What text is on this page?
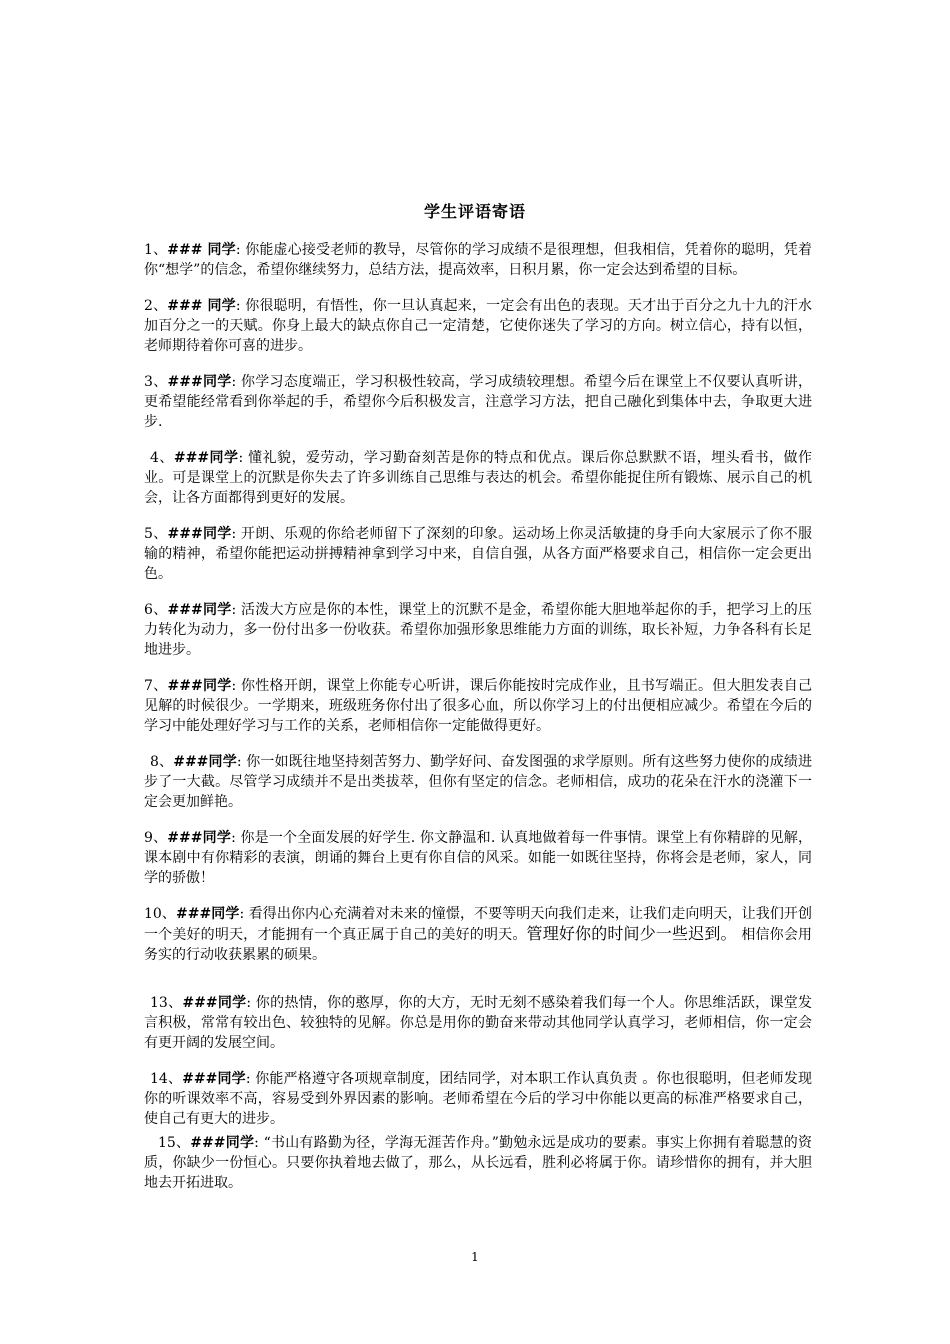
学生评语寄语

1、### 同学: 你能虚心接受老师的教导，尽管你的学习成绩不是很理想，但我相信，凭着你的聪明，凭着你“想学”的信念，希望你继续努力，总结方法，提高效率，日积月累，你一定会达到希望的目标。

2、### 同学: 你很聪明，有悟性，你一旦认真起来，一定会有出色的表现。天才出于百分之九十九的汗水加百分之一的天赋。你身上最大的缺点你自己一定清楚，它使你迷失了学习的方向。树立信心，持有以恒，老师期待着你可喜的进步。

3、###同学: 你学习态度端正，学习积极性较高，学习成绩较理想。希望今后在课堂上不仅要认真听讲，更希望能经常看到你举起的手，希望你今后积极发言，注意学习方法，把自己融化到集体中去，争取更大进步.

4、###同学: 懂礼貌，爱劳动，学习勤奋刻苦是你的特点和优点。课后你总默默不语，埋头看书，做作业。可是课堂上的沉默是你失去了许多训练自己思维与表达的机会。希望你能捉住所有锻炼、展示自己的机会，让各方面都得到更好的发展。

5、###同学: 开朗、乐观的你给老师留下了深刻的印象。运动场上你灵活敏捷的身手向大家展示了你不服输的精神，希望你能把运动拼搏精神拿到学习中来，自信自强，从各方面严格要求自己，相信你一定会更出色。

6、###同学: 活泼大方应是你的本性，课堂上的沉默不是金，希望你能大胆地举起你的手，把学习上的压力转化为动力，多一份付出多一份收获。希望你加强形象思维能力方面的训练，取长补短，力争各科有长足地进步。

7、###同学: 你性格开朗，课堂上你能专心听讲，课后你能按时完成作业，且书写端正。但大胆发表自己见解的时候很少。一学期来，班级班务你付出了很多心血，所以你学习上的付出便相应减少。希望在今后的学习中能处理好学习与工作的关系，老师相信你一定能做得更好。

8、###同学: 你一如既往地坚持刻苦努力、勤学好问、奋发图强的求学原则。所有这些努力使你的成绩进步了一大截。尽管学习成绩并不是出类拔萃，但你有坚定的信念。老师相信，成功的花朵在汗水的浇灌下一定会更加鲜艳。

9、###同学: 你是一个全面发展的好学生. 你文静温和. 认真地做着每一件事情。课堂上有你精辟的见解，课本剧中有你精彩的表演，朗诵的舞台上更有你自信的风采。如能一如既往坚持，你将会是老师，家人，同学的骄傲！

10、###同学: 看得出你内心充满着对未来的憧憬，不要等明天向我们走来，让我们走向明天，让我们开创一个美好的明天，才能拥有一个真正属于自己的美好的明天。管理好你的时间少一些迟到。 相信你会用务实的行动收获累累的硕果。

13、###同学: 你的热情，你的憨厚，你的大方，无时无刻不感染着我们每一个人。你思维活跃，课堂发言积极，常常有较出色、较独特的见解。你总是用你的勤奋来带动其他同学认真学习，老师相信，你一定会有更开阔的发展空间。

14、###同学: 你能严格遵守各项规章制度，团结同学，对本职工作认真负责 。你也很聪明，但老师发现你的听课效率不高，容易受到外界因素的影响。老师希望在今后的学习中你能以更高的标准严格要求自己，使自己有更大的进步。

15、###同学: “书山有路勤为径，学海无涯苦作舟。”勤勉永远是成功的要素。事实上你拥有着聪慧的资质，你缺少一份恒心。只要你执着地去做了，那么，从长远看，胜利必将属于你。请珍惜你的拥有，并大胆地去开拓进取。

1
